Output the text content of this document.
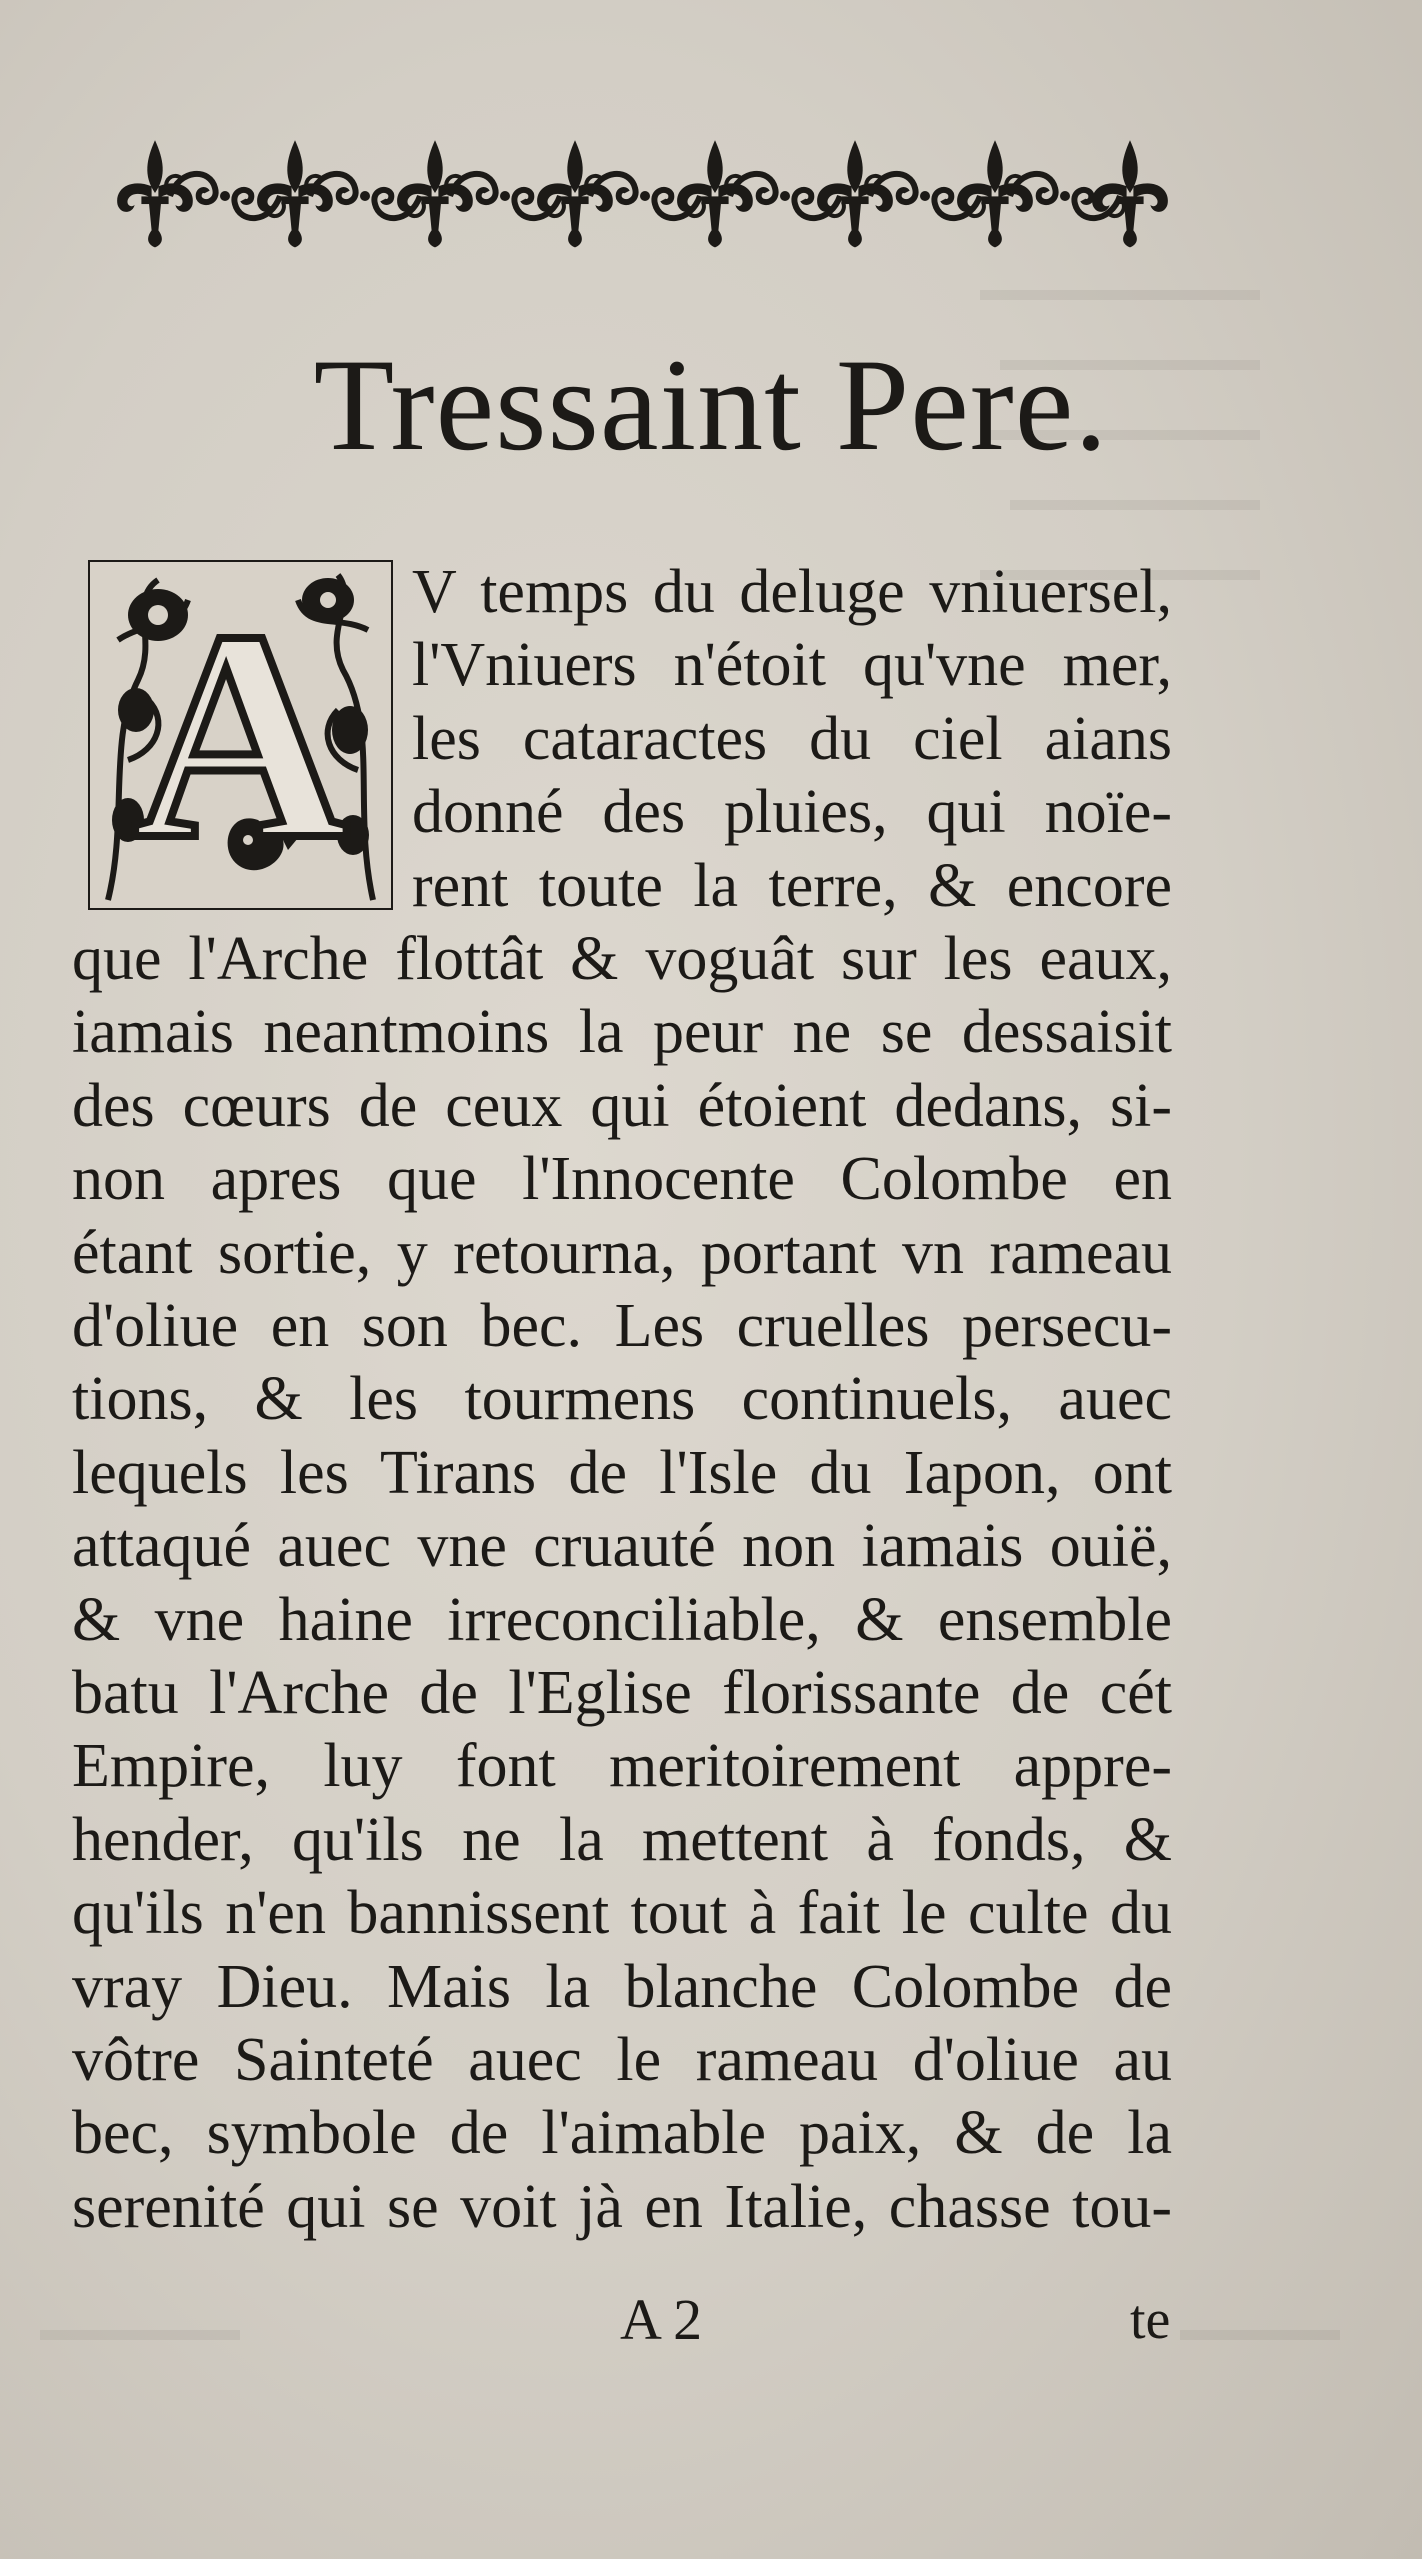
Tressaint Pere.
A	V temps du deluge vniuersel,
l'Vniuers n'étoit qu'vne mer,
les cataractes du ciel aians
donné des pluies, qui noïe-
rent toute la terre, & encore
que l'Arche flottât & voguât sur les eaux,
iamais neantmoins la peur ne se dessaisit
des cœurs de ceux qui étoient dedans, si-
non apres que l'Innocente Colombe en
étant sortie, y retourna, portant vn rameau
d'oliue en son bec. Les cruelles persecu-
tions, & les tourmens continuels, auec
lequels les Tirans de l'Isle du Iapon, ont
attaqué auec vne cruauté non iamais ouië,
& vne haine irreconciliable, & ensemble
batu l'Arche de l'Eglise florissante de cét
Empire, luy font meritoirement appre-
hender, qu'ils ne la mettent à fonds, &
qu'ils n'en bannissent tout à fait le culte du
vray Dieu. Mais la blanche Colombe de
vôtre Sainteté auec le rameau d'oliue au
bec, symbole de l'aimable paix, & de la
serenité qui se voit jà en Italie, chasse tou-
A 2	te
